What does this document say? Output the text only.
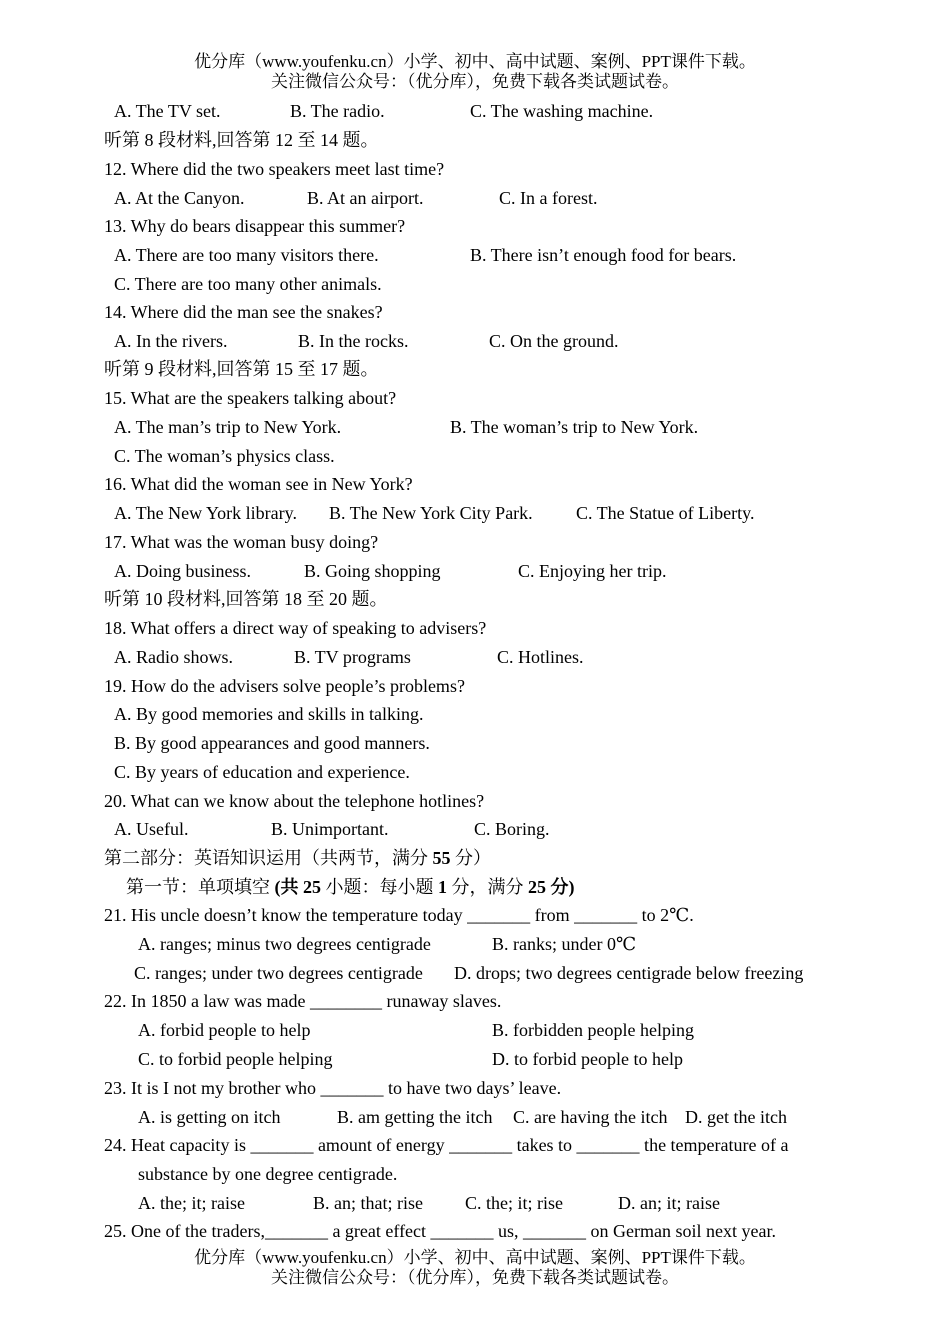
优分库（www.youfenku.cn）小学、初中、高中试题、案例、PPT课件下载。
关注微信公众号：（优分库），免费下载各类试题试卷。
A. The TV set.	B. The radio.	C. The washing machine.
听第 8 段材料,回答第 12 至 14 题。
12. Where did the two speakers meet last time?
A. At the Canyon.	B. At an airport.	C. In a forest.
13. Why do bears disappear this summer?
A. There are too many visitors there.	B. There isn’t enough food for bears.
C. There are too many other animals.
14. Where did the man see the snakes?
A. In the rivers.	B. In the rocks.	C. On the ground.
听第 9 段材料,回答第 15 至 17 题。
15. What are the speakers talking about?
A. The man’s trip to New York.	B. The woman’s trip to New York.
C. The woman’s physics class.
16. What did the woman see in New York?
A. The New York library. B. The New York City Park. C. The Statue of Liberty.
17. What was the woman busy doing?
A. Doing business.	B. Going shopping	C. Enjoying her trip.
听第 10 段材料,回答第 18 至 20 题。
18. What offers a direct way of speaking to advisers?
A. Radio shows.	B. TV programs	C. Hotlines.
19. How do the advisers solve people’s problems?
A. By good memories and skills in talking.
B. By good appearances and good manners.
C. By years of education and experience.
20. What can we know about the telephone hotlines?
A. Useful.	B. Unimportant.	C. Boring.
第二部分：英语知识运用（共两节，满分 55 分）
第一节：单项填空 (共 25 小题：每小题 1 分，满分 25 分)
21. His uncle doesn’t know the temperature today _______ from _______ to 2℃.
A. ranges; minus two degrees centigrade	B. ranks; under 0℃
C. ranges; under two degrees centigrade D. drops; two degrees centigrade below freezing
22. In 1850 a law was made ________ runaway slaves.
A. forbid people to help	B. forbidden people helping
C. to forbid people helping	D. to forbid people to help
23. It is I not my brother who _______ to have two days’ leave.
A. is getting on itch	B. am getting the itch C. are having the itch D. get the itch
24. Heat capacity is _______ amount of energy _______ takes to _______ the temperature of a
substance by one degree centigrade.
A. the; it; raise	B. an; that; rise C. the; it; rise	D. an; it; raise
25. One of the traders,_______ a great effect _______ us, _______ on German soil next year.
优分库（www.youfenku.cn）小学、初中、高中试题、案例、PPT课件下载。
关注微信公众号：（优分库），免费下载各类试题试卷。
